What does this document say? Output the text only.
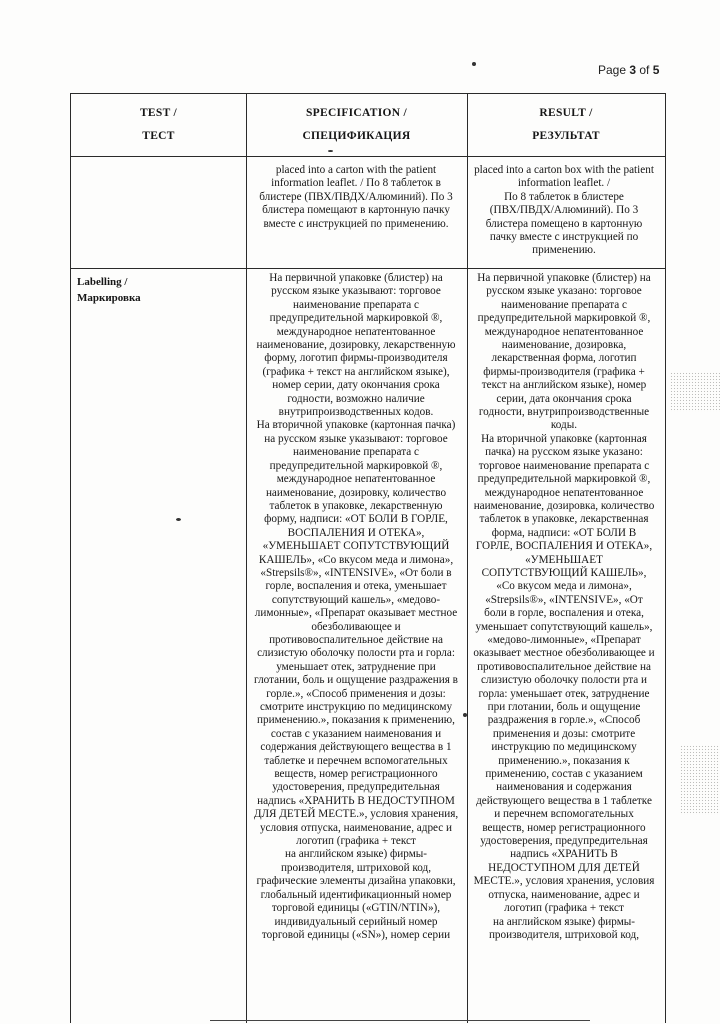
Page 3 of 5
TEST /
ТЕСТ
SPECIFICATION /
СПЕЦИФИКАЦИЯ
RESULT /
РЕЗУЛЬТАТ

placed into a carton with the patient

information leaflet. / По 8 таблеток в

блистере (ПВХ/ПВДХ/Алюминий). По 3

блистера помещают в картонную пачку

вместе с инструкцией по применению.

placed into a carton box with the patient

information leaflet. /

По 8 таблеток в блистере

(ПВХ/ПВДХ/Алюминий). По 3

блистера помещено в картонную

пачку вместе с инструкцией по

применению.

Labelling /
Маркировка

На первичной упаковке (блистер) на

русском языке указывают: торговое

наименование препарата с

предупредительной маркировкой ®,

международное непатентованное

наименование, дозировку, лекарственную

форму, логотип фирмы-производителя

(графика + текст на английском языке),

номер серии, дату окончания срока

годности, возможно наличие

внутрипроизводственных кодов.

На вторичной упаковке (картонная пачка)

на русском языке указывают: торговое

наименование препарата с

предупредительной маркировкой ®,

международное непатентованное

наименование, дозировку, количество

таблеток в упаковке, лекарственную

форму, надписи: «ОТ БОЛИ В ГОРЛЕ,

ВОСПАЛЕНИЯ И ОТЕКА»,

«УМЕНЬШАЕТ СОПУТСТВУЮЩИЙ

КАШЕЛЬ», «Со вкусом меда и лимона»,

«Strepsils®», «INTENSIVE», «От боли в

горле, воспаления и отека, уменьшает

сопутствующий кашель», «медово-

лимонные», «Препарат оказывает местное

обезболивающее и

противовоспалительное действие на

слизистую оболочку полости рта и горла:

уменьшает отек, затруднение при

глотании, боль и ощущение раздражения в

горле.», «Способ применения и дозы:

смотрите инструкцию по медицинскому

применению.», показания к применению,

состав с указанием наименования и

содержания действующего вещества в 1

таблетке и перечнем вспомогательных

веществ, номер регистрационного

удостоверения, предупредительная

надпись «ХРАНИТЬ В НЕДОСТУПНОМ

ДЛЯ ДЕТЕЙ МЕСТЕ.», условия хранения,

условия отпуска, наименование, адрес и

логотип (графика + текст

на английском языке) фирмы-

производителя, штриховой код,

графические элементы дизайна упаковки,

глобальный идентификационный номер

торговой единицы («GTIN/NTIN»),

индивидуальный серийный номер

торговой единицы («SN»), номер серии

На первичной упаковке (блистер) на

русском языке указано: торговое

наименование препарата с

предупредительной маркировкой ®,

международное непатентованное

наименование, дозировка,

лекарственная форма, логотип

фирмы-производителя (графика +

текст на английском языке), номер

серии, дата окончания срока

годности, внутрипроизводственные

коды.

На вторичной упаковке (картонная

пачка) на русском языке указано:

торговое наименование препарата с

предупредительной маркировкой ®,

международное непатентованное

наименование, дозировка, количество

таблеток в упаковке, лекарственная

форма, надписи: «ОТ БОЛИ В

ГОРЛЕ, ВОСПАЛЕНИЯ И ОТЕКА»,

«УМЕНЬШАЕТ

СОПУТСТВУЮЩИЙ КАШЕЛЬ»,

«Со вкусом меда и лимона»,

«Strepsils®», «INTENSIVE», «От

боли в горле, воспаления и отека,

уменьшает сопутствующий кашель»,

«медово-лимонные», «Препарат

оказывает местное обезболивающее и

противовоспалительное действие на

слизистую оболочку полости рта и

горла: уменьшает отек, затруднение

при глотании, боль и ощущение

раздражения в горле.», «Способ

применения и дозы: смотрите

инструкцию по медицинскому

применению.», показания к

применению, состав с указанием

наименования и содержания

действующего вещества в 1 таблетке

и перечнем вспомогательных

веществ, номер регистрационного

удостоверения, предупредительная

надпись «ХРАНИТЬ В

НЕДОСТУПНОМ ДЛЯ ДЕТЕЙ

МЕСТЕ.», условия хранения, условия

отпуска, наименование, адрес и

логотип (графика + текст

на английском языке) фирмы-

производителя, штриховой код,
